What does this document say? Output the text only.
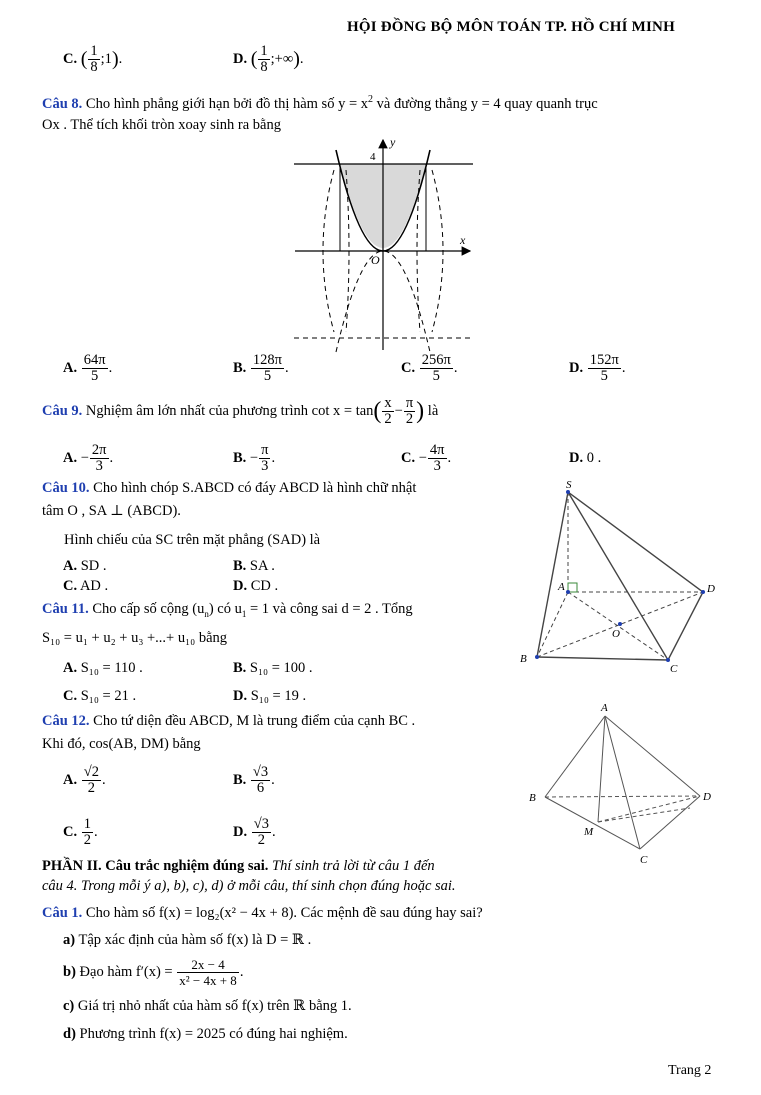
HỘI ĐỒNG BỘ MÔN TOÁN TP. HỒ CHÍ MINH
C. ( $\frac{1}{8}$ ;1).	D. ( $\frac{1}{8}$ ;+∞).
Câu 8. Cho hình phẳng giới hạn bởi đồ thị hàm số $y = x^2$ và đường thẳng y = 4 quay quanh trục
Ox . Thể tích khối tròn xoay sinh ra bằng
y
4
x
O
A. $\frac{64\pi}{5}$ .	B. $\frac{128\pi}{5}$ .	C. $\frac{256\pi}{5}$ .	D. $\frac{152\pi}{5}$ .
Câu 9. Nghiệm âm lớn nhất của phương trình $\cot x = \tan( \frac{x}{2} - \frac{\pi}{2}$ ) là
A. − $\frac{2\pi}{3}$ .	B. − $\frac{\pi}{3}$ .	C. − $\frac{4\pi}{3}$ .	D. 0 .
Câu 10. Cho hình chóp S.ABCD có đáy ABCD là hình chữ nhật
tâm O , SA ⊥ (ABCD).
Hình chiếu của SC trên mặt phẳng (SAD) là
A. SD .	B. SA .
C. AD .	D. CD .
S
A	D
O
B
C
Câu 11. Cho cấp số cộng $(u_n)$ có $u_1 = 1$ và công sai d = 2 . Tổng
S₁₀ = u₁ + u₂ + u₃ +...+ u₁₀ bằng
A. S₁₀ = 110 .	B. S₁₀ = 100 .
C. S₁₀ = 21 .	D. S₁₀ = 19 .
Câu 12. Cho tứ diện đều ABCD, M là trung điểm của cạnh BC .
Khi đó, cos(AB, DM) bằng
A. $\frac{√2}{2}$ .	B. $\frac{√3}{6}$ .
C. $\frac{1}{2}$ .	D. $\frac{√3}{2}$ .
A
B	D
M
C
PHẦN II. Câu trắc nghiệm đúng sai. Thí sinh trả lời từ câu 1 đến
câu 4. Trong mỗi ý a), b), c), d) ở mỗi câu, thí sinh chọn đúng hoặc sai.
Câu 1. Cho hàm số f(x) = log₂(x² − 4x + 8). Các mệnh đề sau đúng hay sai?
a) Tập xác định của hàm số f(x) là D = ℝ .
b) Đạo hàm $f'(x) = \frac{2x - 4}{\text{x² − 4x + 8}}$ .
c) Giá trị nhỏ nhất của hàm số f(x) trên ℝ bằng 1.
d) Phương trình f(x) = 2025 có đúng hai nghiệm.
Trang 2
